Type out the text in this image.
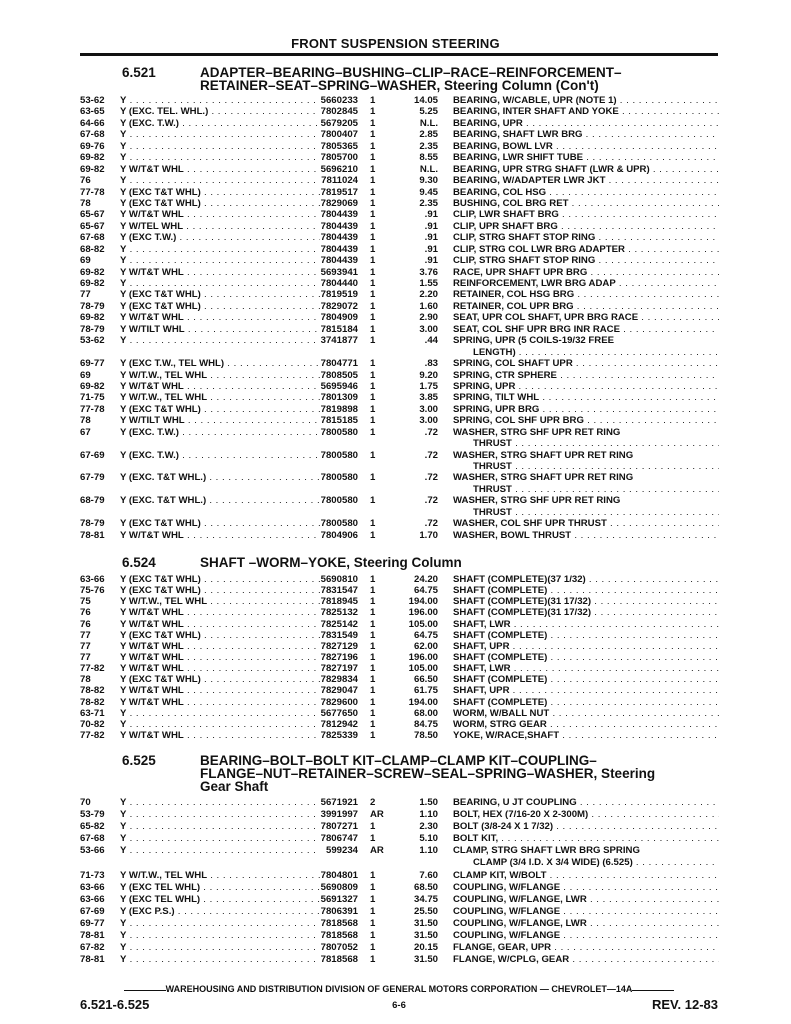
FRONT SUSPENSION STEERING
6.521	ADAPTER–BEARING–BUSHING–CLIP–RACE–REINFORCEMENT–
RETAINER–SEAT–SPRING–WASHER, Steering Column (Con't)
53-62	Y . . .	5660233 1	14.05 BEARING, W/CABLE, UPR (NOTE 1) . . .
63-65	Y (EXC. TEL. WHL.) . . .	7802845 1	5.25 BEARING, INTER SHAFT AND YOKE . . .
64-66	Y (EXC. T.W.) . . .	5679205 1	N.L. BEARING, UPR . . .
67-68	Y . . .	7800407 1	2.85 BEARING, SHAFT LWR BRG . . .
69-76	Y . . .	7805365 1	2.35 BEARING, BOWL LVR . . .
69-82	Y . . .	7805700 1	8.55 BEARING, LWR SHIFT TUBE . . .
69-82	Y W/T&T WHL . . .	5696210 1	N.L. BEARING, UPR STRG SHAFT (LWR & UPR) . . .
76	Y . . .	7811024 1	9.30 BEARING, W/ADAPTER LWR JKT . . .
77-78	Y (EXC T&T WHL) . . .	7819517 1	9.45 BEARING, COL HSG . . .
78	Y (EXC T&T WHL) . . .	7829069 1	2.35 BUSHING, COL BRG RET . . .
65-67	Y W/T&T WHL . . .	7804439 1	.91 CLIP, LWR SHAFT BRG . . .
65-67	Y W/TEL WHL . . .	7804439 1	.91 CLIP, UPR SHAFT BRG . . .
67-68	Y (EXC T.W.) . . .	7804439 1	.91 CLIP, STRG SHAFT STOP RING . . .
68-82	Y . . .	7804439 1	.91 CLIP, STRG COL LWR BRG ADAPTER . . .
69	Y . . .	7804439 1	.91 CLIP, STRG SHAFT STOP RING . . .
69-82	Y W/T&T WHL . . .	5693941 1	3.76 RACE, UPR SHAFT UPR BRG . . .
69-82	Y . . .	7804440 1	1.55 REINFORCEMENT, LWR BRG ADAP . . .
77	Y (EXC T&T WHL) . . .	7819519 1	2.20 RETAINER, COL HSG BRG . . .
78-79	Y (EXC T&T WHL) . . .	7829072 1	1.60 RETAINER, COL UPR BRG . . .
69-82	Y W/T&T WHL . . .	7804909 1	2.90 SEAT, UPR COL SHAFT, UPR BRG RACE . . .
78-79	Y W/TILT WHL . . .	7815184 1	3.00 SEAT, COL SHF UPR BRG INR RACE . . .
53-62	Y . . .	3741877 1	.44 SPRING, UPR (5 COILS-19/32 FREE
LENGTH) . . .
69-77	Y (EXC T.W., TEL WHL) . . .	7804771 1	.83 SPRING, COL SHAFT UPR . . .
69	Y W/T.W., TEL WHL . . .	7808505 1	9.20 SPRING, CTR SPHERE . . .
69-82	Y W/T&T WHL . . .	5695946 1	1.75 SPRING, UPR . . .
71-75	Y W/T.W., TEL WHL . . .	7801309 1	3.85 SPRING, TILT WHL . . .
77-78	Y (EXC T&T WHL) . . .	7819898 1	3.00 SPRING, UPR BRG . . .
78	Y W/TILT WHL . . .	7815185 1	3.00 SPRING, COL SHF UPR BRG . . .
67	Y (EXC. T.W.) . . .	7800580 1	.72 WASHER, STRG SHF UPR RET RING
THRUST . . .
67-69	Y (EXC. T.W.) . . .	7800580 1	.72 WASHER, STRG SHAFT UPR RET RING
THRUST . . .
67-79	Y (EXC. T&T WHL.) . . .	7800580 1	.72 WASHER, STRG SHAFT UPR RET RING
THRUST . . .
68-79	Y (EXC. T&T WHL.) . . .	7800580 1	.72 WASHER, STRG SHF UPR RET RING
THRUST . . .
78-79	Y (EXC T&T WHL) . . .	7800580 1	.72 WASHER, COL SHF UPR THRUST . . .
78-81	Y W/T&T WHL . . .	7804906 1	1.70 WASHER, BOWL THRUST . . .
6.524	SHAFT –WORM–YOKE, Steering Column
63-66	Y (EXC T&T WHL) . . .	5690810 1	24.20 SHAFT (COMPLETE)(37 1/32) . . .
75-76	Y (EXC T&T WHL) . . .	7831547 1	64.75 SHAFT (COMPLETE) . . .
75	Y W/T.W., TEL WHL . . .	7818945 1	194.00 SHAFT (COMPLETE)(31 17/32) . . .
76	Y W/T&T WHL . . .	7825132 1	196.00 SHAFT (COMPLETE)(31 17/32) . . .
76	Y W/T&T WHL . . .	7825142 1	105.00 SHAFT, LWR . . .
77	Y (EXC T&T WHL) . . .	7831549 1	64.75 SHAFT (COMPLETE) . . .
77	Y W/T&T WHL . . .	7827129 1	62.00 SHAFT, UPR . . .
77	Y W/T&T WHL . . .	7827196 1	196.00 SHAFT (COMPLETE) . . .
77-82	Y W/T&T WHL . . .	7827197 1	105.00 SHAFT, LWR . . .
78	Y (EXC T&T WHL) . . .	7829834 1	66.50 SHAFT (COMPLETE) . . .
78-82	Y W/T&T WHL . . .	7829047 1	61.75 SHAFT, UPR . . .
78-82	Y W/T&T WHL . . .	7829600 1	194.00 SHAFT (COMPLETE) . . .
63-71	Y . . .	5677650 1	68.00 WORM, W/BALL NUT . . .
70-82	Y . . .	7812942 1	84.75 WORM, STRG GEAR . . .
77-82	Y W/T&T WHL . . .	7825339 1	78.50 YOKE, W/RACE,SHAFT . . .
6.525	BEARING–BOLT–BOLT KIT–CLAMP–CLAMP KIT–COUPLING–
FLANGE–NUT–RETAINER–SCREW–SEAL–SPRING–WASHER, Steering
Gear Shaft
70	Y . . .	5671921 2	1.50 BEARING, U JT COUPLING . . .
53-79	Y . . .	3991997 AR	1.10 BOLT, HEX (7/16-20 X 2-300M) . . .
65-82	Y . . .	7807271 1	2.30 BOLT (3/8-24 X 1 7/32) . . .
67-68	Y . . .	7806747 1	5.10 BOLT KIT, . . .
53-66	Y . . .	599234 AR	1.10 CLAMP, STRG SHAFT LWR BRG SPRING
CLAMP (3/4 I.D. X 3/4 WIDE) (6.525) . . .
71-73	Y W/T.W., TEL WHL . . .	7804801 1	7.60 CLAMP KIT, W/BOLT . . .
63-66	Y (EXC TEL WHL) . . .	5690809 1	68.50 COUPLING, W/FLANGE . . .
63-66	Y (EXC TEL WHL) . . .	5691327 1	34.75 COUPLING, W/FLANGE, LWR . . .
67-69	Y (EXC P.S.) . . .	7806391 1	25.50 COUPLING, W/FLANGE . . .
69-77	Y . . .	7818568 1	31.50 COUPLING, W/FLANGE, LWR . . .
78-81	Y . . .	7818568 1	31.50 COUPLING, W/FLANGE . . .
67-82	Y . . .	7807052 1	20.15 FLANGE, GEAR, UPR . . .
78-81	Y . . .	7818568 1	31.50 FLANGE, W/CPLG, GEAR . . .
WAREHOUSING AND DISTRIBUTION DIVISION OF GENERAL MOTORS CORPORATION — CHEVROLET—14A
6.521-6.525	6-6	REV. 12-83
